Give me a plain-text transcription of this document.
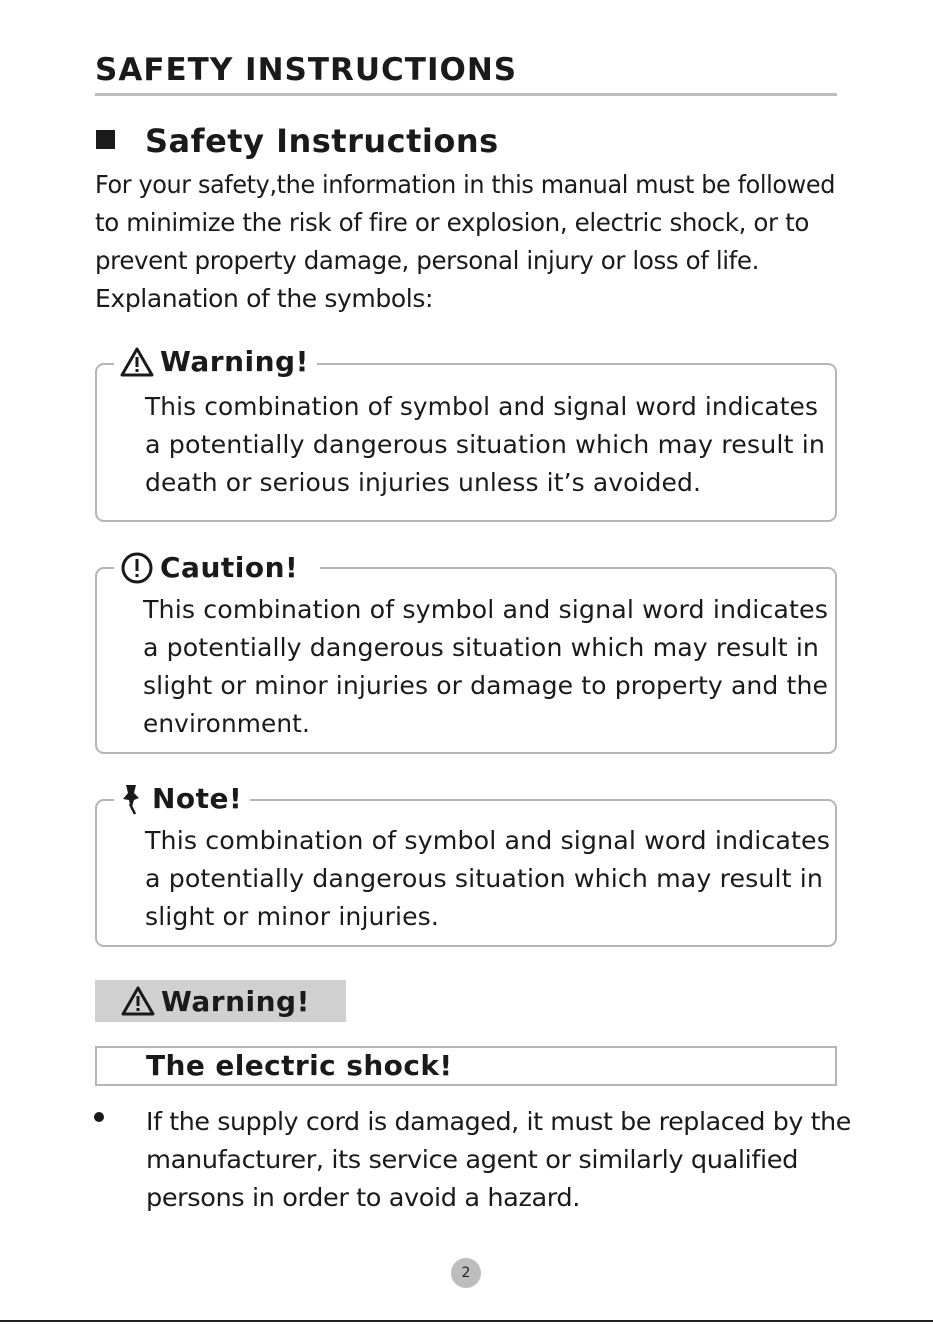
SAFETY INSTRUCTIONS
Safety Instructions
For your safety,the information in this manual must be followed
to minimize the risk of fire or explosion, electric shock, or to
prevent property damage, personal injury or loss of life.
Explanation of the symbols:
Warning!
This combination of symbol and signal word indicates
a potentially dangerous situation which may result in
death or serious injuries unless it’s avoided.
Caution!
This combination of symbol and signal word indicates
a potentially dangerous situation which may result in
slight or minor injuries or damage to property and the
environment.
Note!
This combination of symbol and signal word indicates
a potentially dangerous situation which may result in
slight or minor injuries.
Warning!
The electric shock!
If the supply cord is damaged, it must be replaced by the
manufacturer, its service agent or similarly qualified
persons in order to avoid a hazard.
2
